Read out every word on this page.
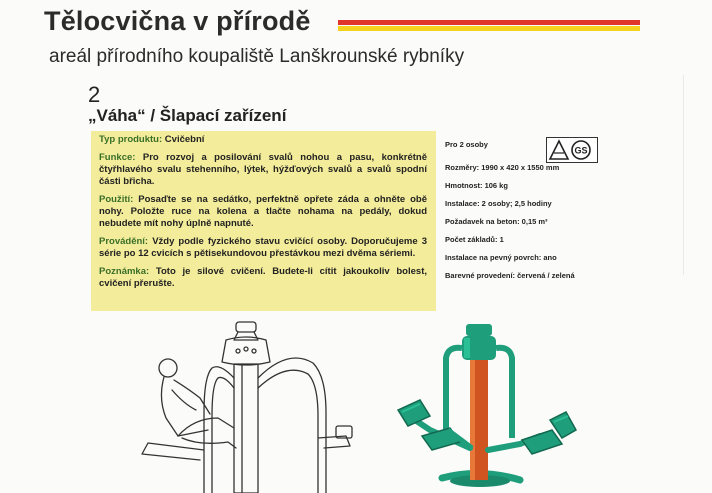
Tělocvična v přírodě
areál přírodního koupaliště Lanškrounské rybníky
2
„Váha“ / Šlapací zařízení

Typ produktu: Cvičební

Funkce: Pro rozvoj a posilování svalů nohou a pasu, konkrétně čtyřhlavého svalu stehenního, lýtek, hýžďových svalů a svalů spodní části břicha.

Použití: Posaďte se na sedátko, perfektně opřete záda a ohněte obě nohy. Položte ruce na kolena a tlačte nohama na pedály, dokud nebudete mít nohy úplně napnuté.

Provádění: Vždy podle fyzického stavu cvičící osoby. Doporučujeme 3 série po 12 cvicích s pětisekundovou přestávkou mezi dvěma sériemi.

Poznámka: Toto je silové cvičení. Budete-li cítit jakoukoliv bolest, cvičení přerušte.

Pro 2 osoby
Rozměry: 1990 x 420 x 1550 mm
Hmotnost: 106 kg
Instalace: 2 osoby; 2,5 hodiny
Požadavek na beton: 0,15 m³
Počet základů: 1
Instalace na pevný povrch: ano
Barevné provedení: červená / zelená
GS
